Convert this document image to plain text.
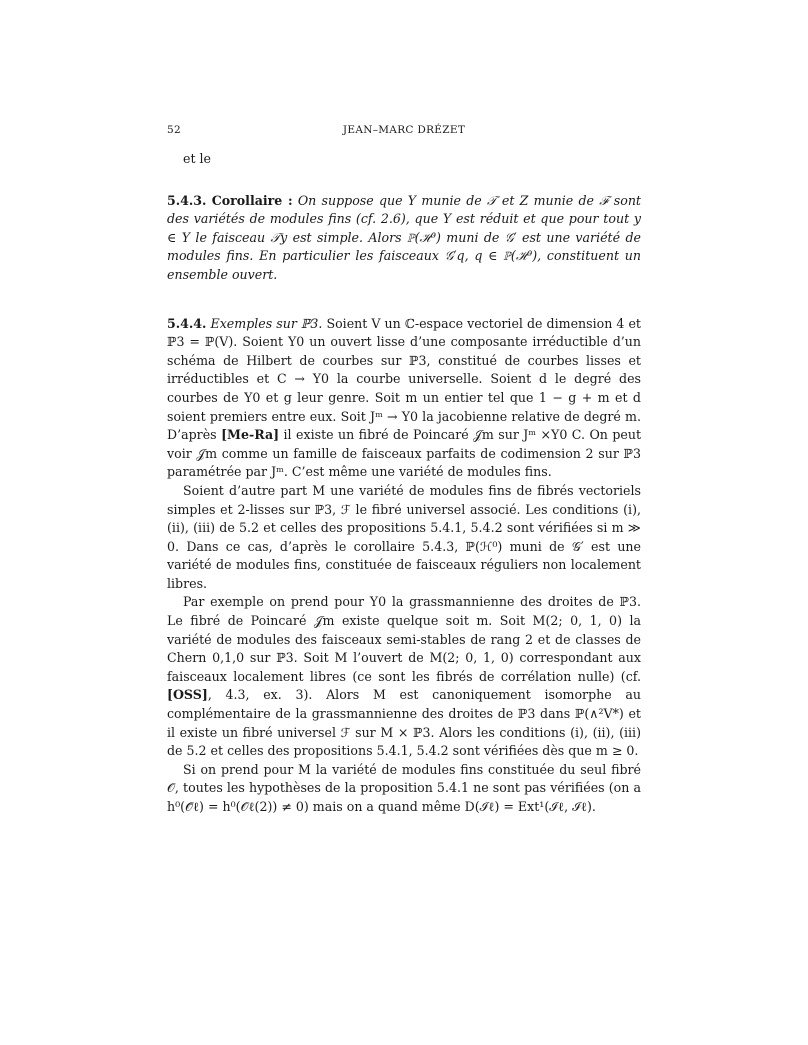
52	JEAN–MARC DRÉZET

et le

5.4.3. Corollaire : On suppose que Y munie de 𝒯 et Z munie de ℱ sont des variétés de modules fins (cf. 2.6), que Y est réduit et que pour tout y ∈ Y le faisceau 𝒯y est simple. Alors ℙ(ℋ⁰) muni de 𝒢′ est une variété de modules fins. En particulier les faisceaux 𝒢′q, q ∈ ℙ(ℋ⁰), constituent un ensemble ouvert.

5.4.4. Exemples sur ℙ3. Soient V un ℂ-espace vectoriel de dimension 4 et ℙ3 = ℙ(V). Soient Y0 un ouvert lisse d’une composante irréductible d’un schéma de Hilbert de courbes sur ℙ3, constitué de courbes lisses et irréductibles et C → Y0 la courbe universelle. Soient d le degré des courbes de Y0 et g leur genre. Soit m un entier tel que 1 − g + m et d soient premiers entre eux. Soit Jᵐ → Y0 la jacobienne relative de degré m. D’après [Me-Ra] il existe un fibré de Poincaré 𝒥m sur Jᵐ ×Y0 C. On peut voir 𝒥m comme un famille de faisceaux parfaits de codimension 2 sur ℙ3 paramétrée par Jᵐ. C’est même une variété de modules fins.

Soient d’autre part M une variété de modules fins de fibrés vectoriels simples et 2-lisses sur ℙ3, ℱ le fibré universel associé. Les conditions (i), (ii), (iii) de 5.2 et celles des propositions 5.4.1, 5.4.2 sont vérifiées si m ≫ 0. Dans ce cas, d’après le corollaire 5.4.3, ℙ(ℋ⁰) muni de 𝒢′ est une variété de modules fins, constituée de faisceaux réguliers non localement libres.

Par exemple on prend pour Y0 la grassmannienne des droites de ℙ3. Le fibré de Poincaré 𝒥m existe quelque soit m. Soit M(2; 0, 1, 0) la variété de modules des faisceaux semi-stables de rang 2 et de classes de Chern 0,1,0 sur ℙ3. Soit M l’ouvert de M(2; 0, 1, 0) correspondant aux faisceaux localement libres (ce sont les fibrés de corrélation nulle) (cf. [OSS], 4.3, ex. 3). Alors M est canoniquement isomorphe au complémentaire de la grassmannienne des droites de ℙ3 dans ℙ(∧²V*) et il existe un fibré universel ℱ sur M × ℙ3. Alors les conditions (i), (ii), (iii) de 5.2 et celles des propositions 5.4.1, 5.4.2 sont vérifiées dès que m ≥ 0.

Si on prend pour M la variété de modules fins constituée du seul fibré 𝒪, toutes les hypothèses de la proposition 5.4.1 ne sont pas vérifiées (on a h⁰(𝒪̃ℓ) = h⁰(𝒪ℓ(2)) ≠ 0) mais on a quand même D(ℐℓ) = Ext¹(ℐℓ, ℐℓ).
